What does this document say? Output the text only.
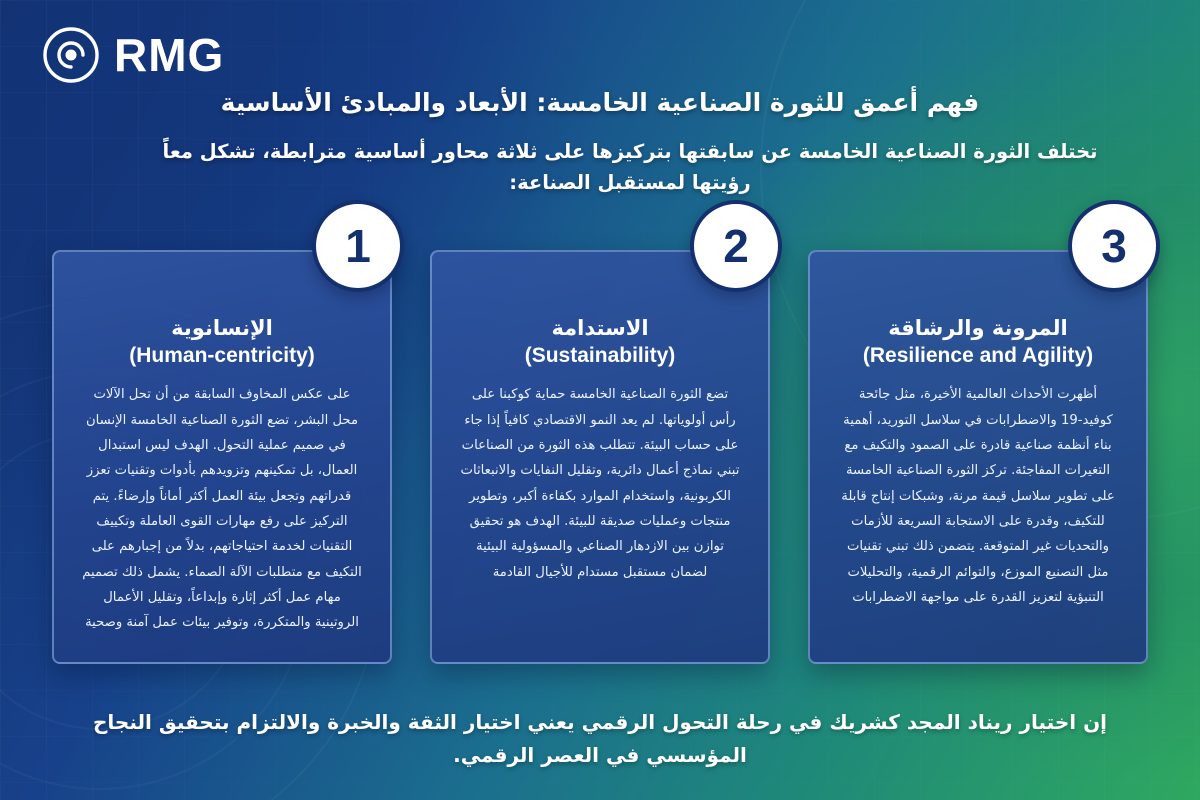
RMG
فهم أعمق للثورة الصناعية الخامسة: الأبعاد والمبادئ الأساسية
تختلف الثورة الصناعية الخامسة عن سابقتها بتركيزها على ثلاثة محاور أساسية مترابطة، تشكل معاً رؤيتها لمستقبل الصناعة:
3
المرونة والرشاقة
(Resilience and Agility)
أظهرت الأحداث العالمية الأخيرة، مثل جائحة كوفيد-19 والاضطرابات في سلاسل التوريد، أهمية بناء أنظمة صناعية قادرة على الصمود والتكيف مع التغيرات المفاجئة. تركز الثورة الصناعية الخامسة على تطوير سلاسل قيمة مرنة، وشبكات إنتاج قابلة للتكيف، وقدرة على الاستجابة السريعة للأزمات والتحديات غير المتوقعة. يتضمن ذلك تبني تقنيات مثل التصنيع الموزع، والتوائم الرقمية، والتحليلات التنبؤية لتعزيز القدرة على مواجهة الاضطرابات
2
الاستدامة
(Sustainability)
تضع الثورة الصناعية الخامسة حماية كوكبنا على رأس أولوياتها. لم يعد النمو الاقتصادي كافياً إذا جاء على حساب البيئة. تتطلب هذه الثورة من الصناعات تبني نماذج أعمال دائرية، وتقليل النفايات والانبعاثات الكربونية، واستخدام الموارد بكفاءة أكبر، وتطوير منتجات وعمليات صديقة للبيئة. الهدف هو تحقيق توازن بين الازدهار الصناعي والمسؤولية البيئية لضمان مستقبل مستدام للأجيال القادمة
1
الإنسانوية
(Human-centricity)
على عكس المخاوف السابقة من أن تحل الآلات محل البشر، تضع الثورة الصناعية الخامسة الإنسان في صميم عملية التحول. الهدف ليس استبدال العمال، بل تمكينهم وتزويدهم بأدوات وتقنيات تعزز قدراتهم وتجعل بيئة العمل أكثر أماناً وإرضاءً. يتم التركيز على رفع مهارات القوى العاملة وتكييف التقنيات لخدمة احتياجاتهم، بدلاً من إجبارهم على التكيف مع متطلبات الآلة الصماء. يشمل ذلك تصميم مهام عمل أكثر إثارة وإبداعاً، وتقليل الأعمال الروتينية والمتكررة، وتوفير بيئات عمل آمنة وصحية
إن اختيار ريناد المجد كشريك في رحلة التحول الرقمي يعني اختيار الثقة والخبرة والالتزام بتحقيق النجاح المؤسسي في العصر الرقمي.
